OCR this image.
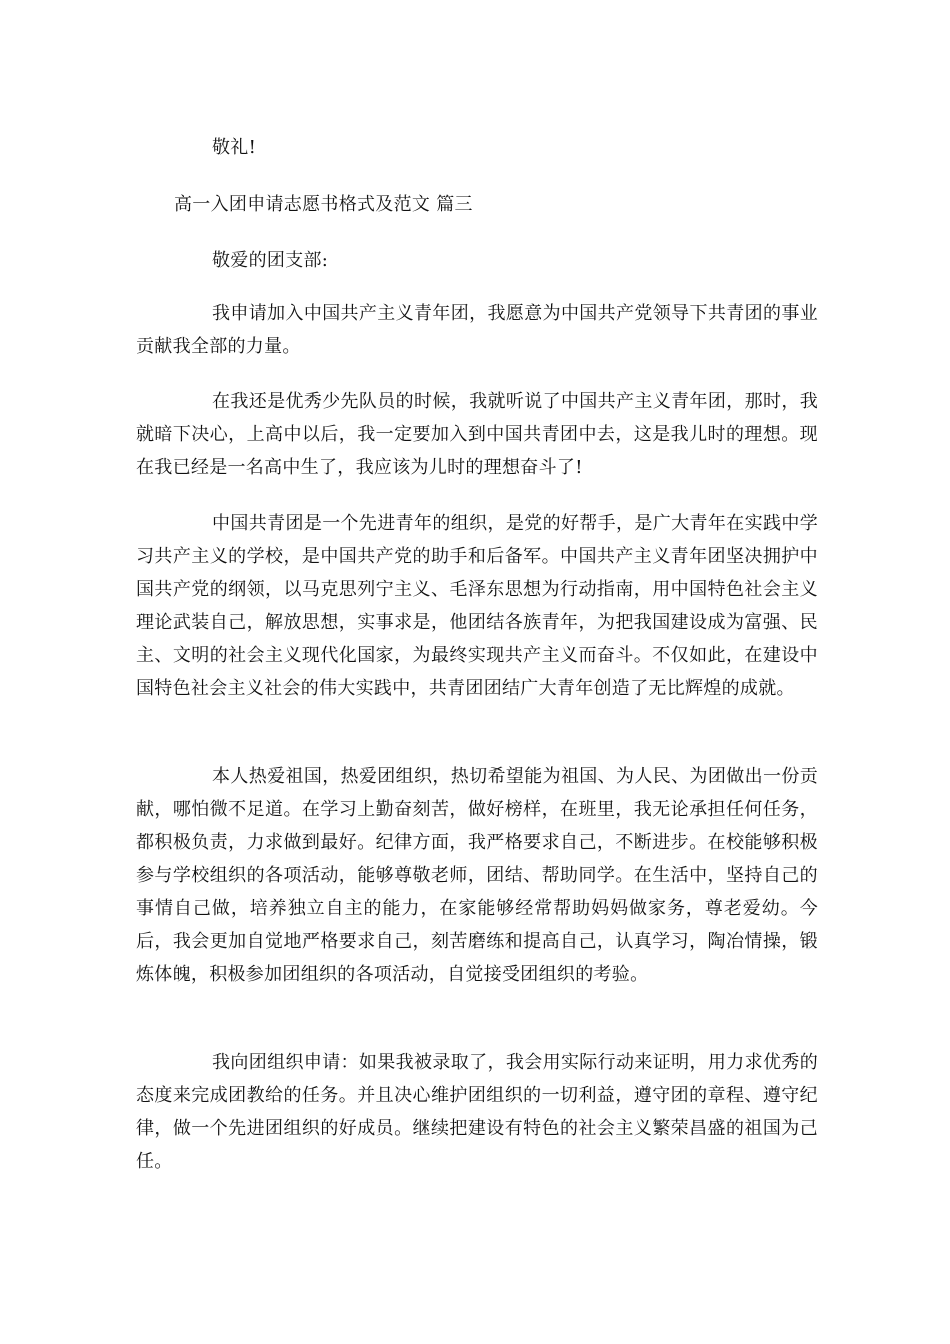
敬礼!
高一入团申请志愿书格式及范文 篇三
敬爱的团支部:

我申请加入中国共产主义青年团，我愿意为中国共产党领导下共青团的事业贡献我全部的力量。

在我还是优秀少先队员的时候，我就听说了中国共产主义青年团，那时，我就暗下决心，上高中以后，我一定要加入到中国共青团中去，这是我儿时的理想。现在我已经是一名高中生了，我应该为儿时的理想奋斗了!

中国共青团是一个先进青年的组织，是党的好帮手，是广大青年在实践中学习共产主义的学校，是中国共产党的助手和后备军。中国共产主义青年团坚决拥护中国共产党的纲领，以马克思列宁主义、毛泽东思想为行动指南，用中国特色社会主义理论武装自己，解放思想，实事求是，他团结各族青年，为把我国建设成为富强、民主、文明的社会主义现代化国家，为最终实现共产主义而奋斗。不仅如此，在建设中国特色社会主义社会的伟大实践中，共青团团结广大青年创造了无比辉煌的成就。

本人热爱祖国，热爱团组织，热切希望能为祖国、为人民、为团做出一份贡献，哪怕微不足道。在学习上勤奋刻苦，做好榜样，在班里，我无论承担任何任务，都积极负责，力求做到最好。纪律方面，我严格要求自己，不断进步。在校能够积极参与学校组织的各项活动，能够尊敬老师，团结、帮助同学。在生活中，坚持自己的事情自己做，培养独立自主的能力，在家能够经常帮助妈妈做家务，尊老爱幼。今后，我会更加自觉地严格要求自己，刻苦磨练和提高自己，认真学习，陶冶情操，锻炼体魄，积极参加团组织的各项活动，自觉接受团组织的考验。

我向团组织申请：如果我被录取了，我会用实际行动来证明，用力求优秀的态度来完成团教给的任务。并且决心维护团组织的一切利益，遵守团的章程、遵守纪律，做一个先进团组织的好成员。继续把建设有特色的社会主义繁荣昌盛的祖国为己任。
